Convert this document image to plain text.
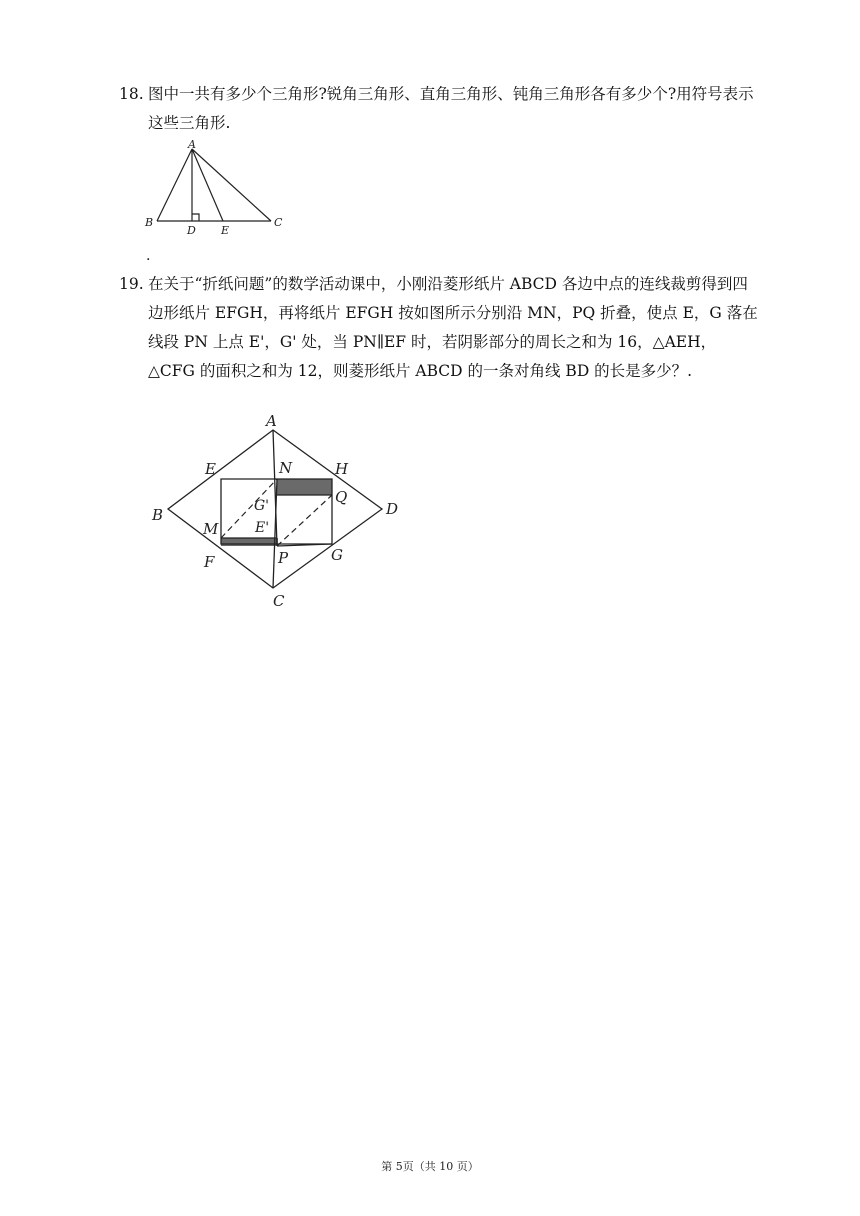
18. 图中一共有多少个三角形?锐角三角形、直角三角形、钝角三角形各有多少个?用符号表示这些三角形.
A
B	C
D E
.
19. 在关于“折纸问题”的数学活动课中，小刚沿菱形纸片 ABCD 各边中点的连线裁剪得到四边形纸片 EFGH，再将纸片 EFGH 按如图所示分别沿 MN，PQ 折叠，使点 E，G 落在线段 PN 上点 E'，G' 处，当 PN∥EF 时，若阴影部分的周长之和为 16，△AEH，△CFG 的面积之和为 12，则菱形纸片 ABCD 的一条对角线 BD 的长是多少？.
A
B
C
D
E
F	G
H
M
N
P
Q
G'
E'
第 5页（共 10 页）
